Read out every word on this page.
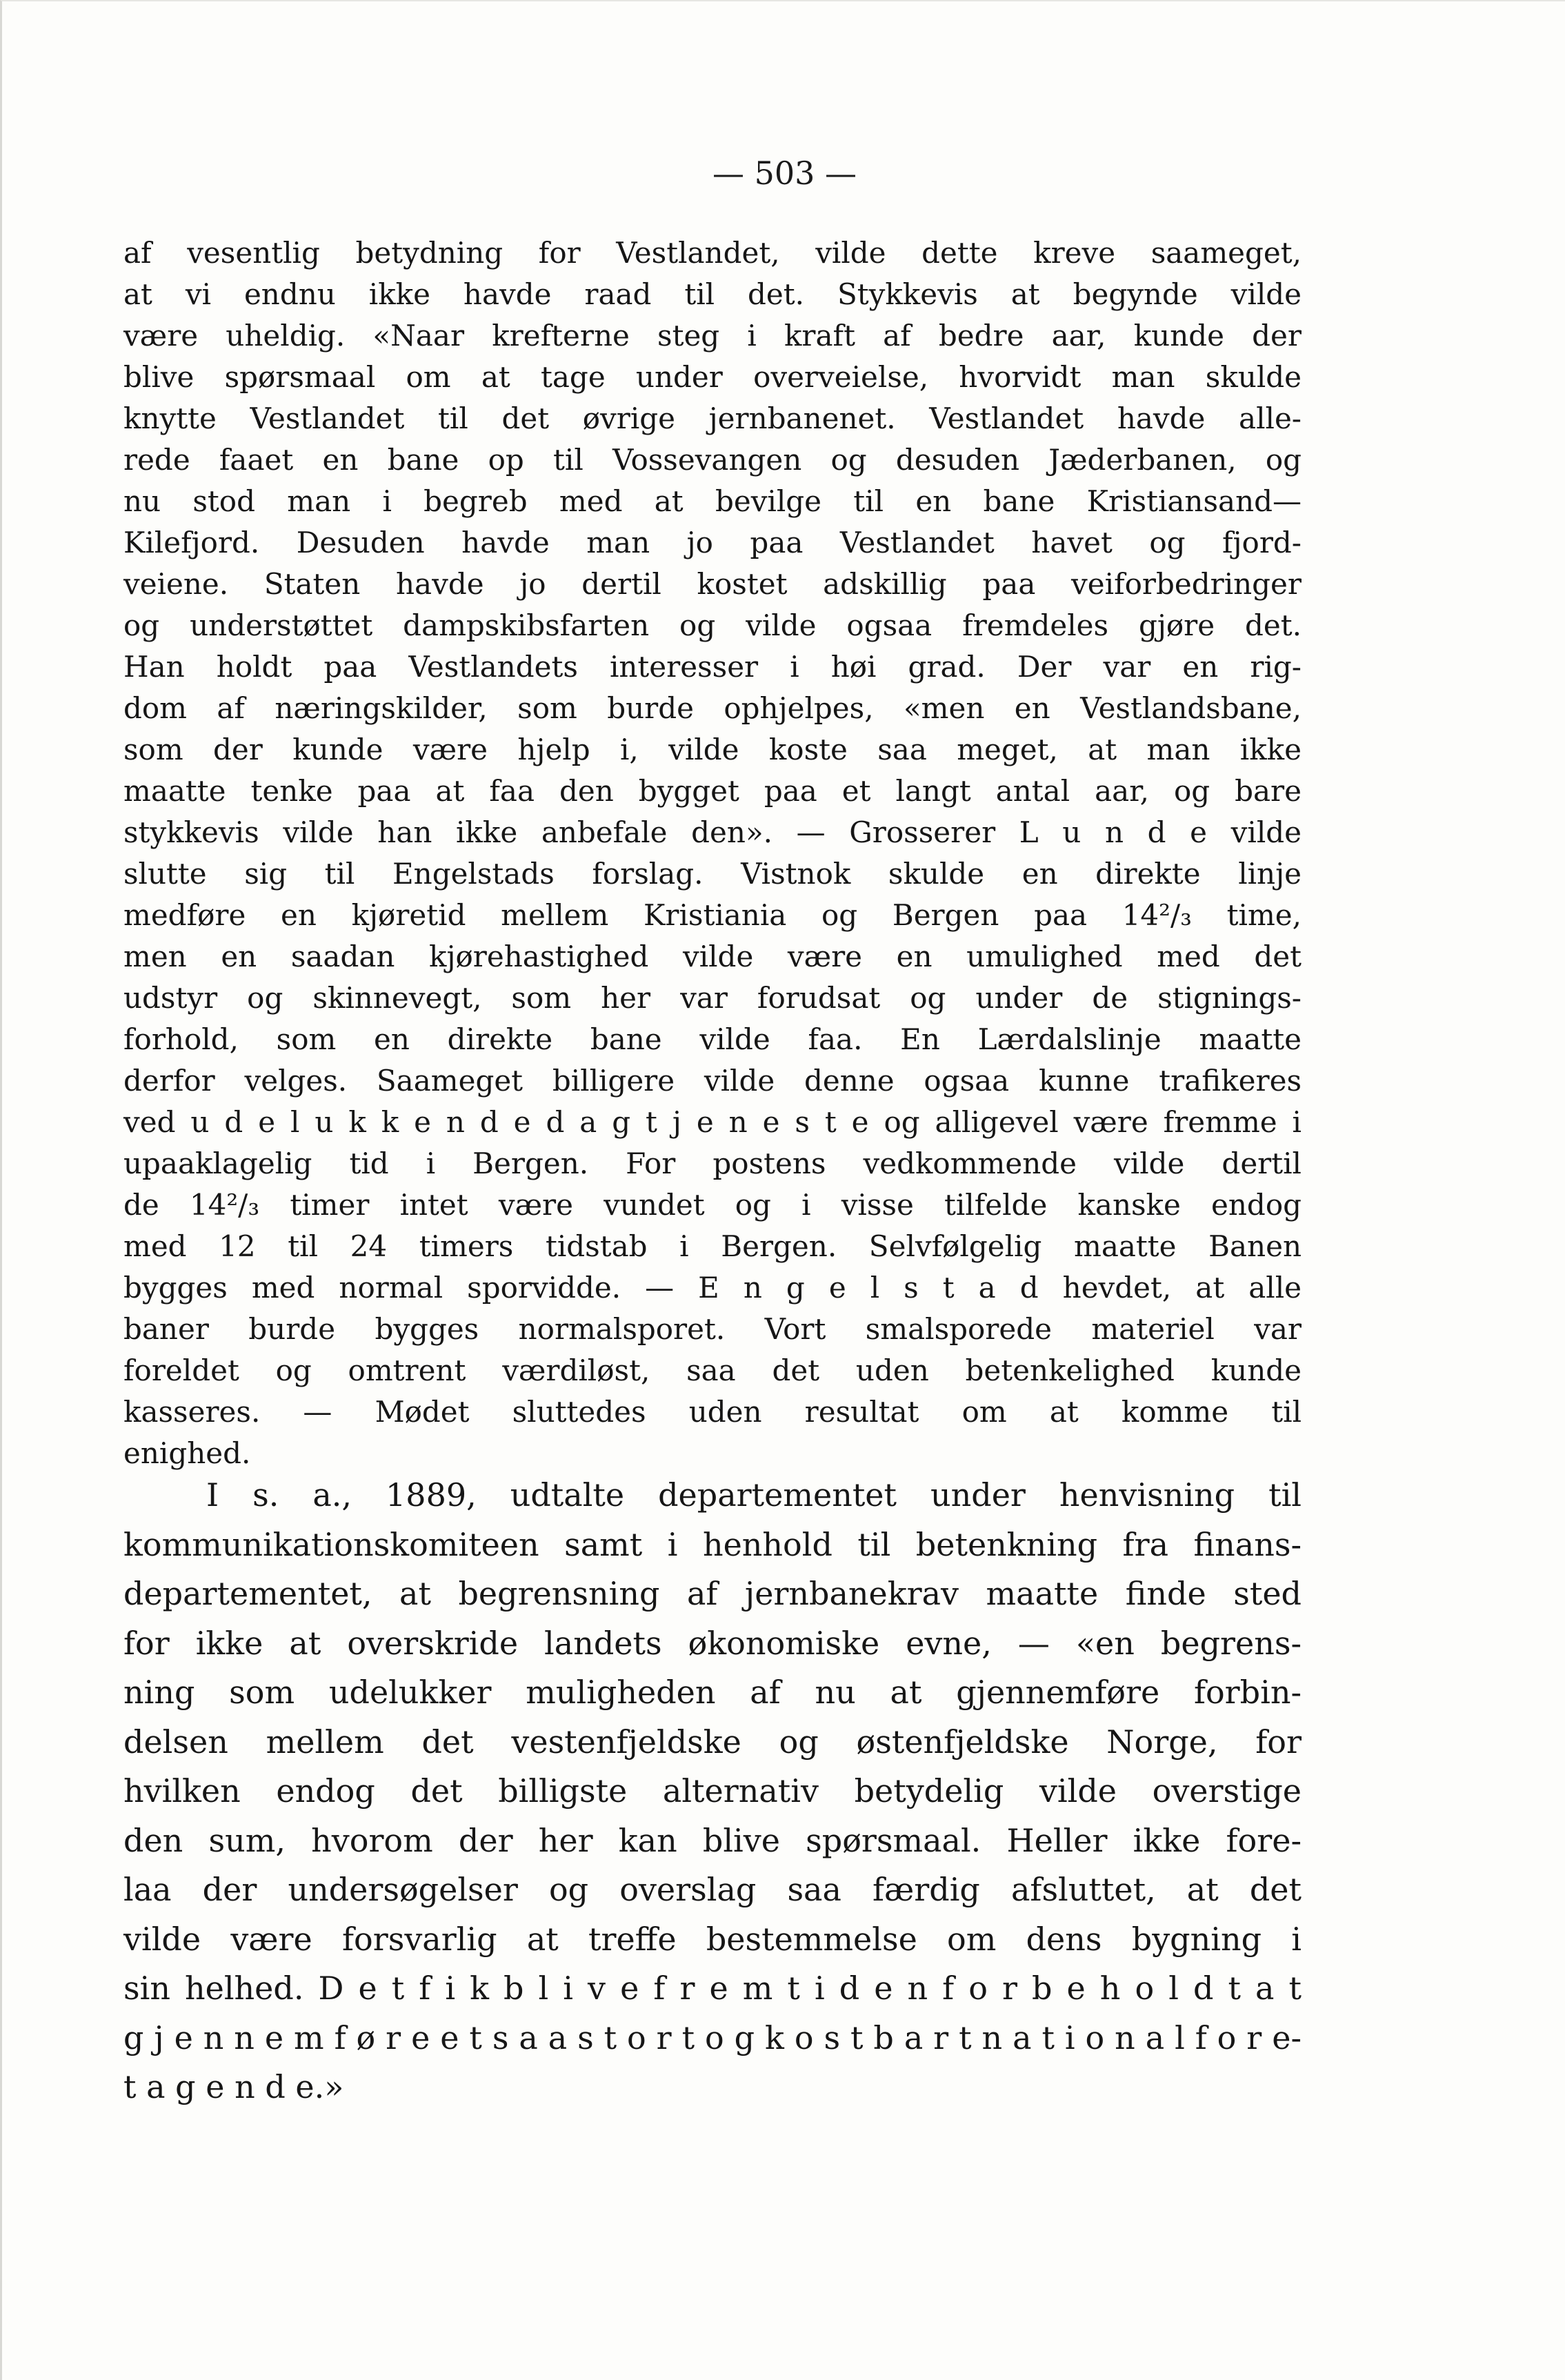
— 503 —
af vesentlig betydning for Vestlandet, vilde dette kreve saameget,
at vi endnu ikke havde raad til det. Stykkevis at begynde vilde
være uheldig. «Naar krefterne steg i kraft af bedre aar, kunde der
blive spørsmaal om at tage under overveielse, hvorvidt man skulde
knytte Vestlandet til det øvrige jernbanenet. Vestlandet havde alle-
rede faaet en bane op til Vossevangen og desuden Jæderbanen, og
nu stod man i begreb med at bevilge til en bane Kristiansand—
Kilefjord. Desuden havde man jo paa Vestlandet havet og fjord-
veiene. Staten havde jo dertil kostet adskillig paa veiforbedringer
og understøttet dampskibsfarten og vilde ogsaa fremdeles gjøre det.
Han holdt paa Vestlandets interesser i høi grad. Der var en rig-
dom af næringskilder, som burde ophjelpes, «men en Vestlandsbane,
som der kunde være hjelp i, vilde koste saa meget, at man ikke
maatte tenke paa at faa den bygget paa et langt antal aar, og bare
stykkevis vilde han ikke anbefale den». — Grosserer L u n d e vilde
slutte sig til Engelstads forslag. Vistnok skulde en direkte linje
medføre en kjøretid mellem Kristiania og Bergen paa 14²/₃ time,
men en saadan kjørehastighed vilde være en umulighed med det
udstyr og skinnevegt, som her var forudsat og under de stignings-
forhold, som en direkte bane vilde faa. En Lærdalslinje maatte
derfor velges. Saameget billigere vilde denne ogsaa kunne trafikeres
ved u d e l u k k e n d e d a g t j e n e s t e og alligevel være fremme i
upaaklagelig tid i Bergen. For postens vedkommende vilde dertil
de 14²/₃ timer intet være vundet og i visse tilfelde kanske endog
med 12 til 24 timers tidstab i Bergen. Selvfølgelig maatte Banen
bygges med normal sporvidde. — E n g e l s t a d hevdet, at alle
baner burde bygges normalsporet. Vort smalsporede materiel var
foreldet og omtrent værdiløst, saa det uden betenkelighed kunde
kasseres. — Mødet sluttedes uden resultat om at komme til
enighed.
I s. a., 1889, udtalte departementet under henvisning til
kommunikationskomiteen samt i henhold til betenkning fra finans-
departementet, at begrensning af jernbanekrav maatte finde sted
for ikke at overskride landets økonomiske evne, — «en begrens-
ning som udelukker muligheden af nu at gjennemføre forbin-
delsen mellem det vestenfjeldske og østenfjeldske Norge, for
hvilken endog det billigste alternativ betydelig vilde overstige
den sum, hvorom der her kan blive spørsmaal. Heller ikke fore-
laa der undersøgelser og overslag saa færdig afsluttet, at det
vilde være forsvarlig at treffe bestemmelse om dens bygning i
sin helhed. D e t f i k b l i v e f r e m t i d e n f o r b e h o l d t a t
g j e n n e m f ø r e e t s a a s t o r t o g k o s t b a r t n a t i o n a l f o r e-
t a g e n d e.»
